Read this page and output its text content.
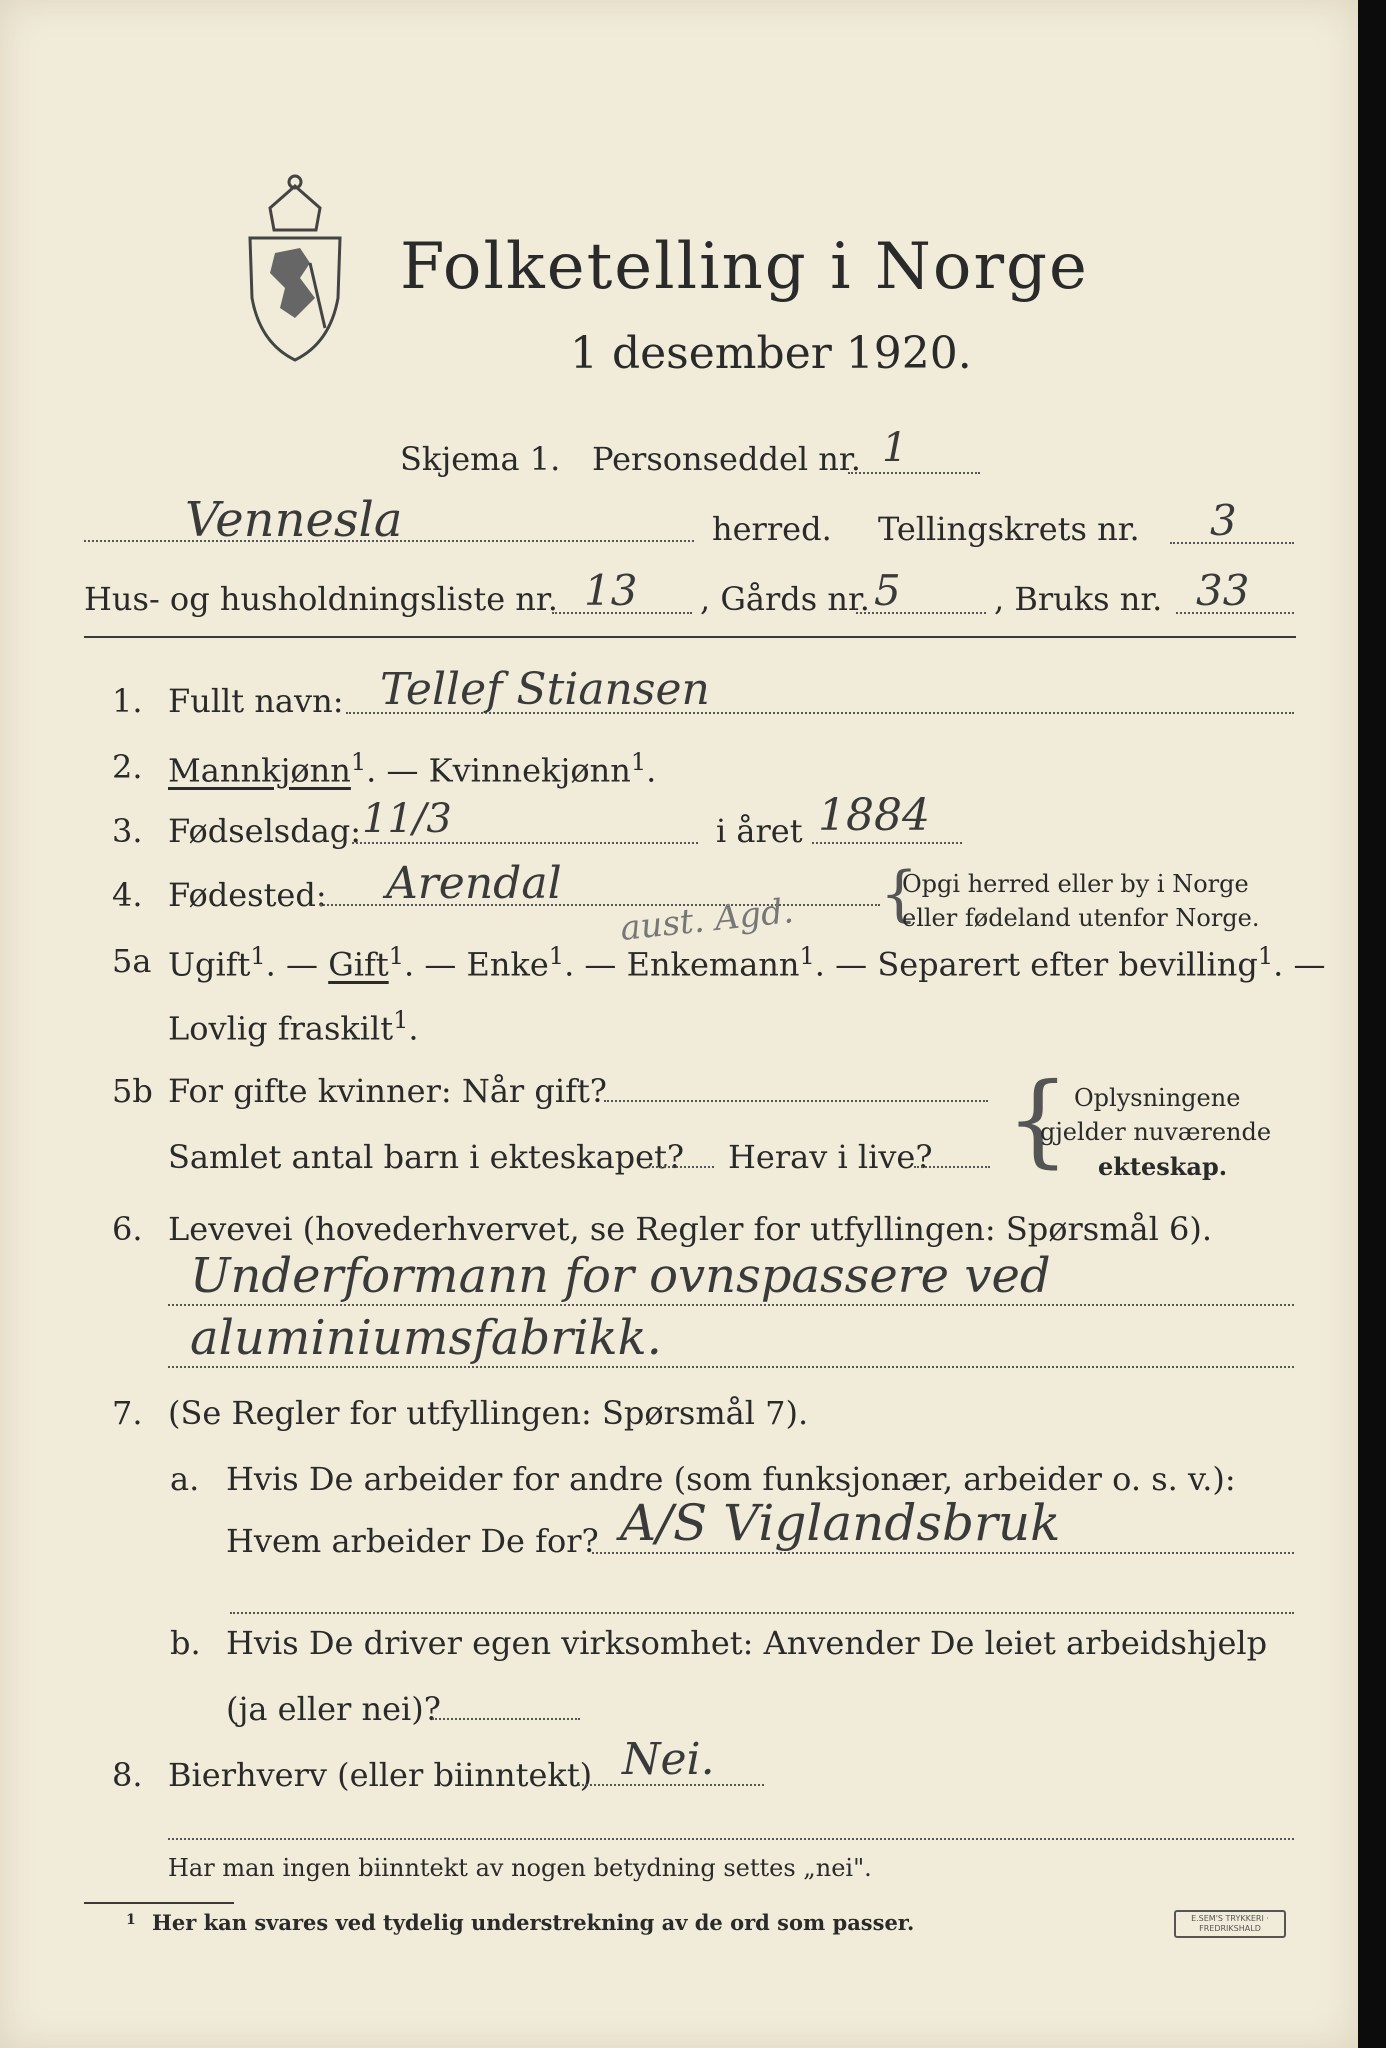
Folketelling i Norge
1 desember 1920.
Skjema 1. Personseddel nr. 1
Vennesla	herred. Tellingskrets nr. 3
Hus- og husholdningsliste nr. 13 , Gårds nr. 5	, Bruks nr. 33
1. Fullt navn: Tellef Stiansen
2. Mannkjønn$^1$. — Kvinnekjønn$^1$.
3. Fødselsdag: 11/3	i året 1884
4. Fødested: Arendal	{
Opgi herred eller by i Norge
eller fødeland utenfor Norge.
5a Ugift$^1$. — Gift$^1$. — Enke$^1$. — Enkemann$^1$. — Separert efter bevilling$^1$. —
aust. Agd.
Lovlig fraskilt$^1$.
5b For gifte kvinner: Når gift?
Samlet antal barn i ekteskapet? Herav i live? { Oplysningene
gjelder nuværende
ekteskap.
6. Levevei (hovederhvervet, se Regler for utfyllingen: Spørsmål 6).
Underformann for ovnspassere ved
aluminiumsfabrikk.
7. (Se Regler for utfyllingen: Spørsmål 7).
a. Hvis De arbeider for andre (som funksjonær, arbeider o. s. v.):
Hvem arbeider De for? A/S Viglandsbruk
b. Hvis De driver egen virksomhet: Anvender De leiet arbeidshjelp
(ja eller nei)?
8. Bierhverv (eller biinntekt) Nei.
Har man ingen biinntekt av nogen betydning settes „nei".
1 Her kan svares ved tydelig understrekning av de ord som passer.	E.SEM'S TRYKKERI · FREDRIKSHALD
